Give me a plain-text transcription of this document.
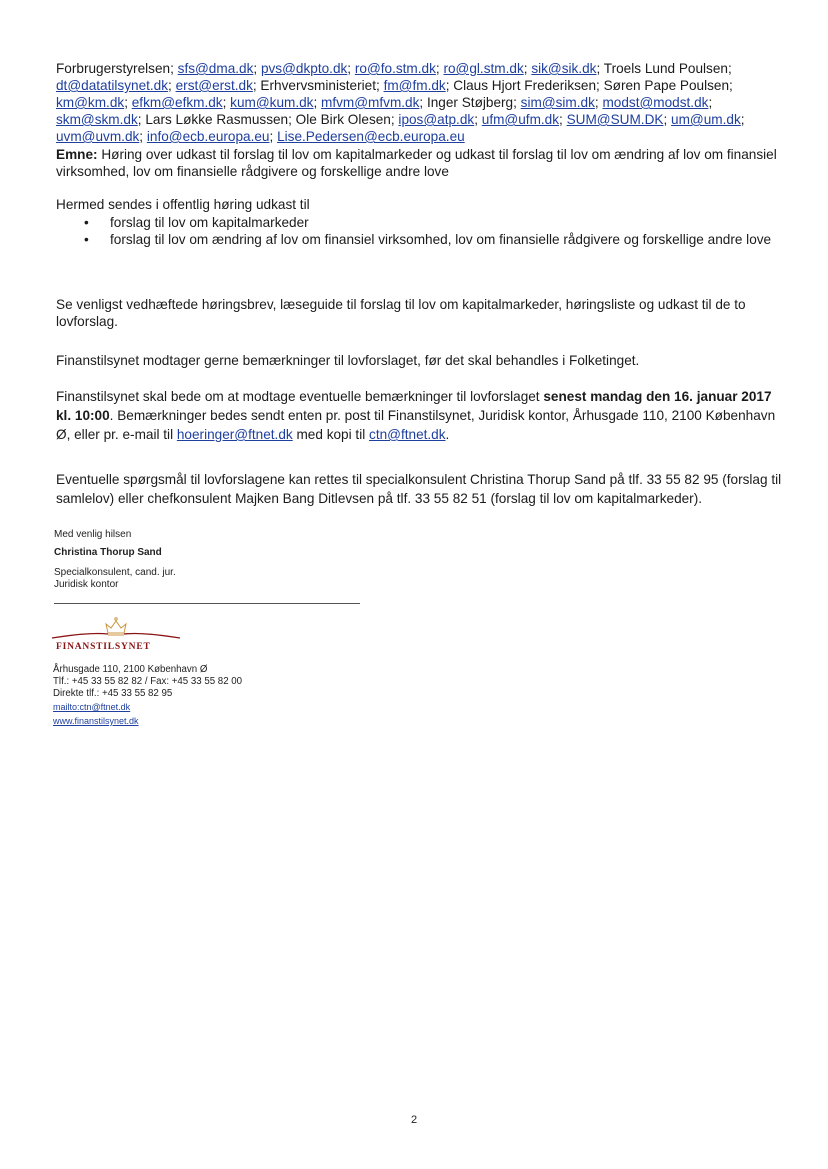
Forbrugerstyrelsen; sfs@dma.dk; pvs@dkpto.dk; ro@fo.stm.dk; ro@gl.stm.dk; sik@sik.dk; Troels Lund Poulsen;
dt@datatilsynet.dk; erst@erst.dk; Erhvervsministeriet; fm@fm.dk; Claus Hjort Frederiksen; Søren Pape Poulsen;
km@km.dk; efkm@efkm.dk; kum@kum.dk; mfvm@mfvm.dk; Inger Støjberg; sim@sim.dk; modst@modst.dk;
skm@skm.dk; Lars Løkke Rasmussen; Ole Birk Olesen; ipos@atp.dk; ufm@ufm.dk; SUM@SUM.DK; um@um.dk;
uvm@uvm.dk; info@ecb.europa.eu; Lise.Pedersen@ecb.europa.eu
Emne: Høring over udkast til forslag til lov om kapitalmarkeder og udkast til forslag til lov om ændring af lov om finansiel virksomhed, lov om finansielle rådgivere og forskellige andre love
Hermed sendes i offentlig høring udkast til
• forslag til lov om kapitalmarkeder
• forslag til lov om ændring af lov om finansiel virksomhed, lov om finansielle rådgivere og forskellige andre love
Se venligst vedhæftede høringsbrev, læseguide til forslag til lov om kapitalmarkeder, høringsliste og udkast til de to lovforslag.
Finanstilsynet modtager gerne bemærkninger til lovforslaget, før det skal behandles i Folketinget.
Finanstilsynet skal bede om at modtage eventuelle bemærkninger til lovforslaget senest mandag den 16. januar 2017 kl. 10:00. Bemærkninger bedes sendt enten pr. post til Finanstilsynet, Juridisk kontor, Århusgade 110, 2100 København Ø, eller pr. e-mail til hoeringer@ftnet.dk med kopi til ctn@ftnet.dk.
Eventuelle spørgsmål til lovforslagene kan rettes til specialkonsulent Christina Thorup Sand på tlf. 33 55 82 95 (forslag til samlelov) eller chefkonsulent Majken Bang Ditlevsen på tlf. 33 55 82 51 (forslag til lov om kapitalmarkeder).
Med venlig hilsen
Christina Thorup Sand
Specialkonsulent, cand. jur.
Juridisk kontor
FINANSTILSYNET
Århusgade 110, 2100 København Ø
Tlf.: +45 33 55 82 82 / Fax: +45 33 55 82 00
Direkte tlf.: +45 33 55 82 95
mailto:ctn@ftnet.dk
www.finanstilsynet.dk
2
